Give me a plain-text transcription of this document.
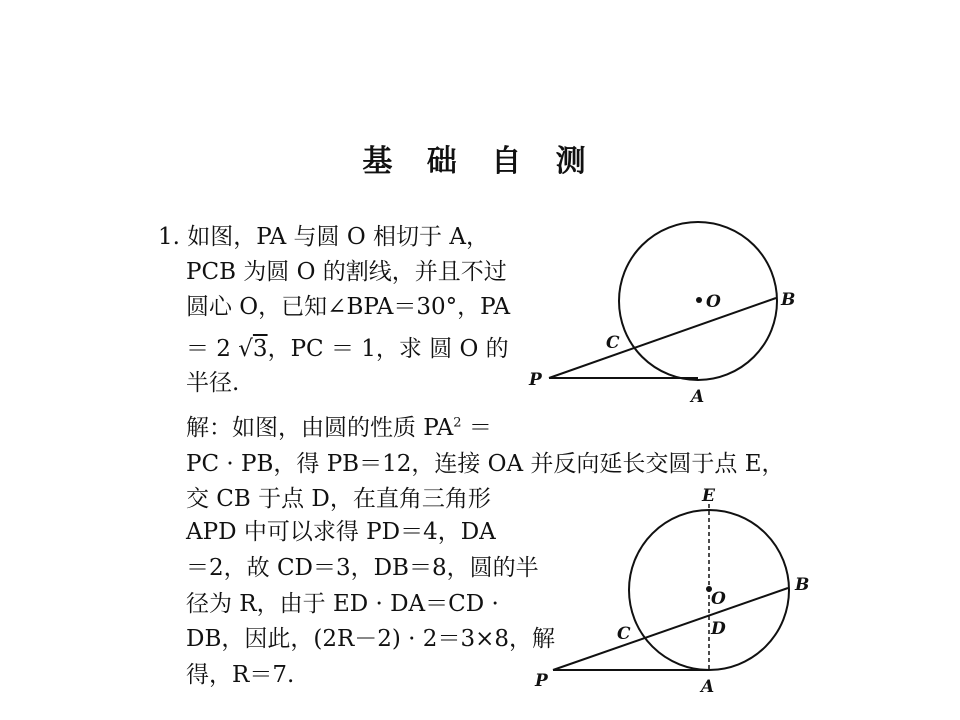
基 础 自 测
1. 如图，PA 与圆 O 相切于 A，
PCB 为圆 O 的割线，并且不过
圆心 O，已知∠BPA＝30°，PA
＝ 2 √3，PC ＝ 1，求 圆 O 的
半径.
解：如图，由圆的性质 $PA^2$ ＝
PC · PB，得 PB＝12，连接 OA 并反向延长交圆于点 E，
交 CB 于点 D，在直角三角形
APD 中可以求得 PD＝4，DA
＝2，故 CD＝3，DB＝8，圆的半
径为 R，由于 ED · DA＝CD ·
DB，因此，(2R－2) · 2＝3×8，解
得，R＝7.
O	B
C
P
A
E
O
B
D
C
P	A
